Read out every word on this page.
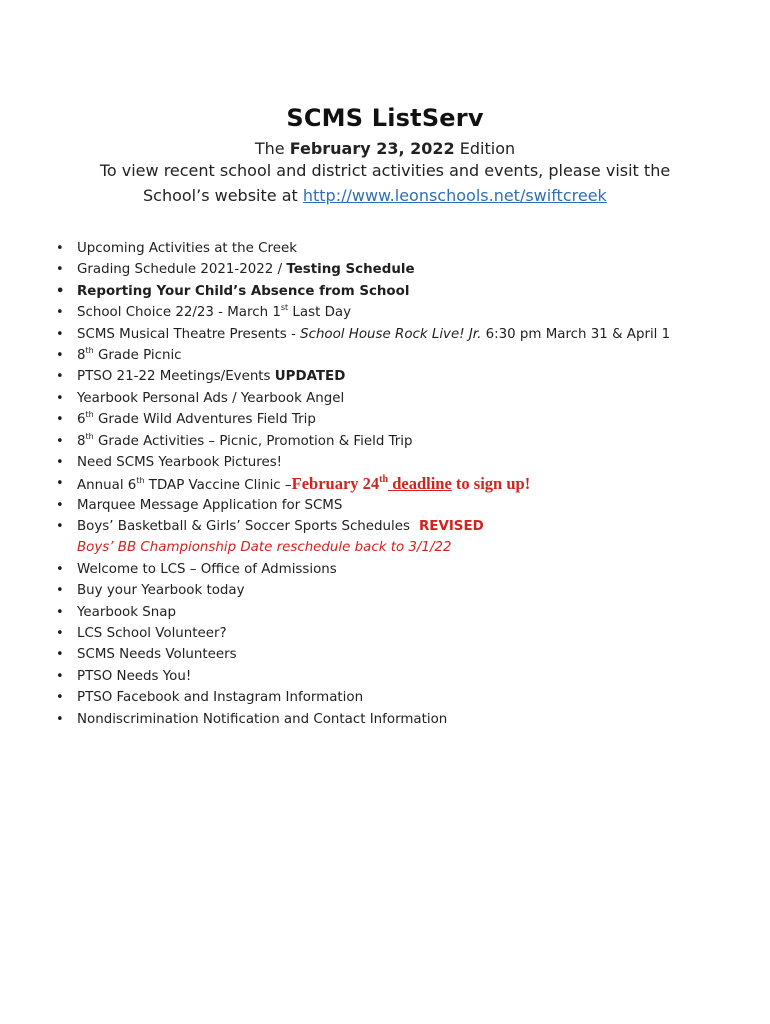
SCMS ListServ
The February 23, 2022 Edition
To view recent school and district activities and events, please visit the
School’s website at http://www.leonschools.net/swiftcreek
• Upcoming Activities at the Creek
• Grading Schedule 2021-2022 / Testing Schedule
• Reporting Your Child’s Absence from School
• School Choice 22/23 - March 1st Last Day
• SCMS Musical Theatre Presents - School House Rock Live! Jr. 6:30 pm March 31 & April 1
• 8th Grade Picnic
• PTSO 21-22 Meetings/Events UPDATED
• Yearbook Personal Ads / Yearbook Angel
• 6th Grade Wild Adventures Field Trip
• 8th Grade Activities – Picnic, Promotion & Field Trip
• Need SCMS Yearbook Pictures!
• Annual 6th TDAP Vaccine Clinic –February 24th deadline to sign up!
• Marquee Message Application for SCMS
• Boys’ Basketball & Girls’ Soccer Sports Schedules REVISED
Boys’ BB Championship Date reschedule back to 3/1/22
• Welcome to LCS – Office of Admissions
• Buy your Yearbook today
• Yearbook Snap
• LCS School Volunteer?
• SCMS Needs Volunteers
• PTSO Needs You!
• PTSO Facebook and Instagram Information
• Nondiscrimination Notification and Contact Information
